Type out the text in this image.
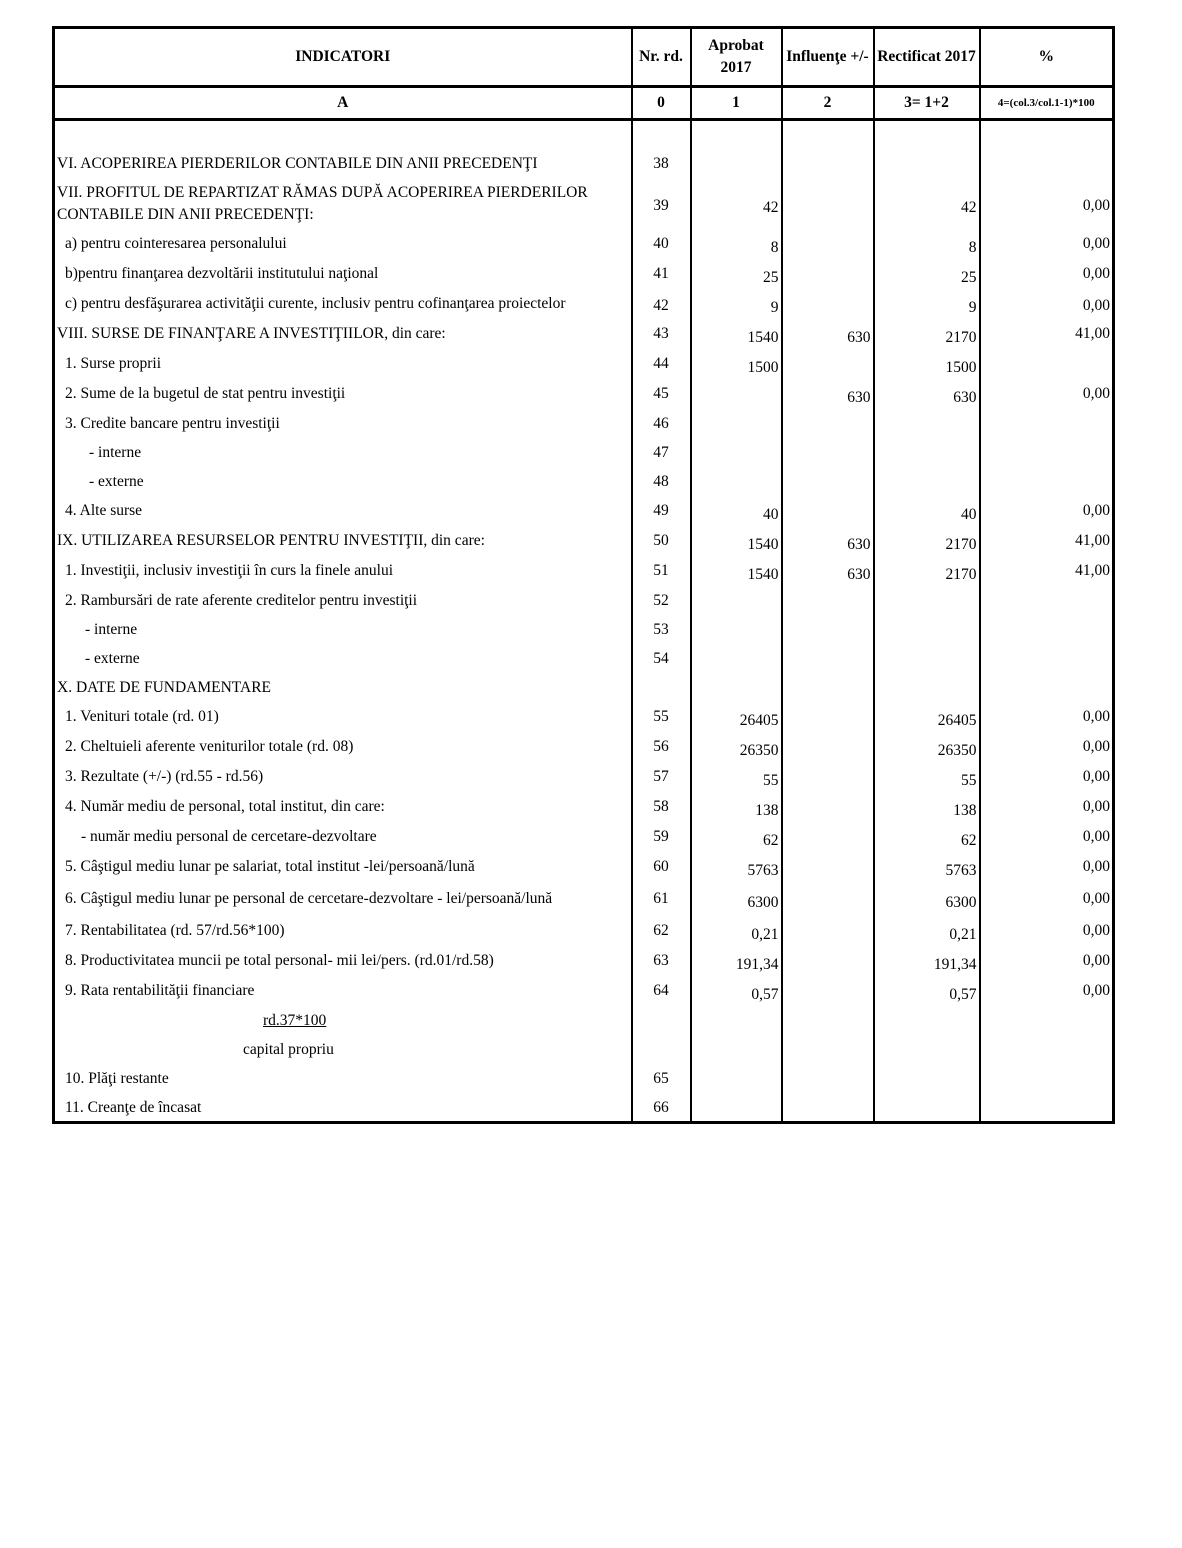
INDICATORI	Nr. rd.	Aprobat 2017	Influenţe +/-	Rectificat 2017	%
A	0	1	2	3= 1+2	4=(col.3/col.1-1)*100

VI. ACOPERIREA PIERDERILOR CONTABILE DIN ANII PRECEDENŢI	38				
VII. PROFITUL DE REPARTIZAT RĂMAS DUPĂ ACOPERIREA PIERDERILOR CONTABILE DIN ANII PRECEDENŢI:	39	42		42	0,00
a) pentru cointeresarea personalului	40	8		8	0,00
b)pentru finanţarea dezvoltării institutului naţional	41	25		25	0,00
c) pentru desfăşurarea activităţii curente, inclusiv pentru cofinanţarea proiectelor	42	9		9	0,00
VIII. SURSE DE FINANŢARE A INVESTIŢIILOR, din care:	43	1540	630	2170	41,00
1. Surse proprii	44	1500		1500	
2. Sume de la bugetul de stat pentru investiţii	45		630	630	0,00
3. Credite bancare pentru investiţii	46				
- interne	47				
- externe	48				
4. Alte surse	49	40		40	0,00
IX. UTILIZAREA RESURSELOR PENTRU INVESTIŢII, din care:	50	1540	630	2170	41,00
1. Investiţii, inclusiv investiţii în curs la finele anului	51	1540	630	2170	41,00
2. Rambursări de rate aferente creditelor pentru investiţii	52				
- interne	53				
- externe	54				
X. DATE DE FUNDAMENTARE					
1. Venituri totale (rd. 01)	55	26405		26405	0,00
2. Cheltuieli aferente veniturilor totale (rd. 08)	56	26350		26350	0,00
3. Rezultate (+/-) (rd.55 - rd.56)	57	55		55	0,00
4. Număr mediu de personal, total institut, din care:	58	138		138	0,00
- număr mediu personal de cercetare-dezvoltare	59	62		62	0,00
5. Câştigul mediu lunar pe salariat, total institut -lei/persoană/lună	60	5763		5763	0,00
6. Câştigul mediu lunar pe personal de cercetare-dezvoltare - lei/persoană/lună	61	6300		6300	0,00
7. Rentabilitatea (rd. 57/rd.56*100)	62	0,21		0,21	0,00
8. Productivitatea muncii pe total personal- mii lei/pers. (rd.01/rd.58)	63	191,34		191,34	0,00
9. Rata rentabilităţii financiare	64	0,57		0,57	0,00
rd.37*100					
capital propriu					
10. Plăţi restante	65				
11. Creanţe de încasat	66				
